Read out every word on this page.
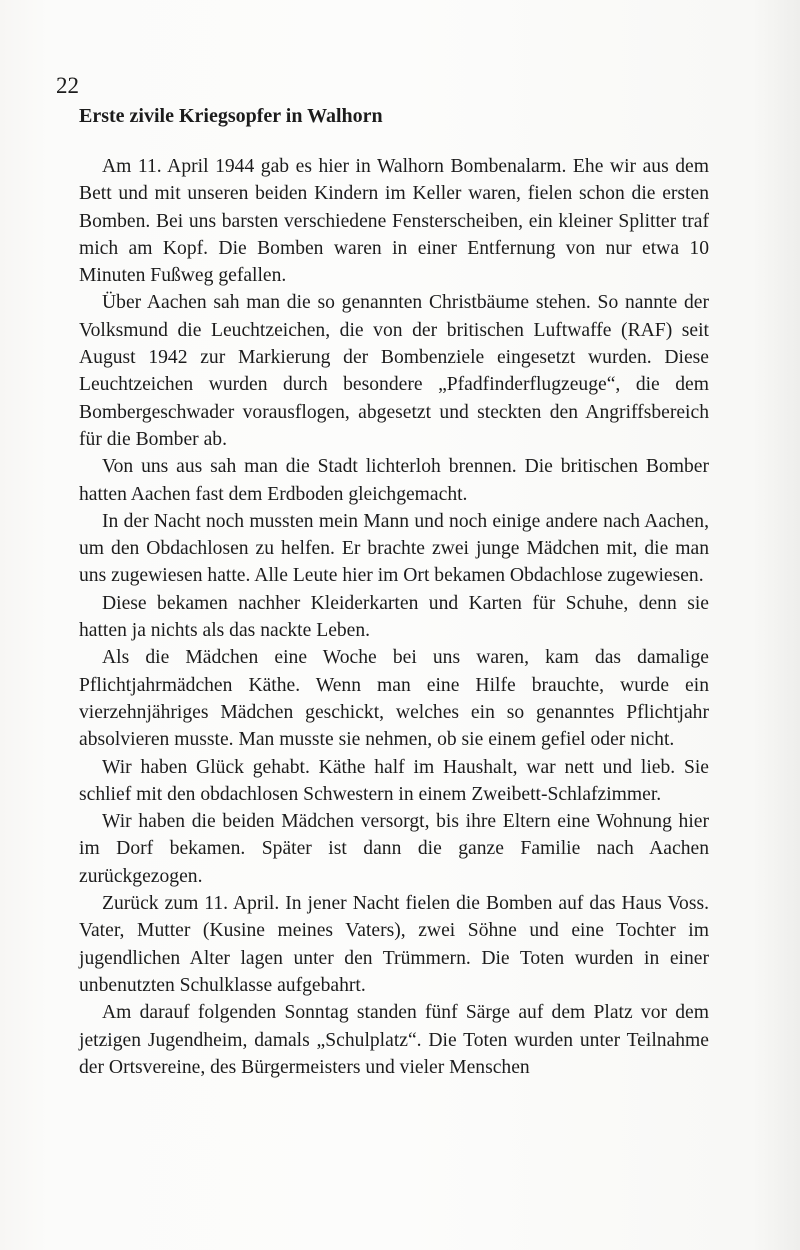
22

Erste zivile Kriegsopfer in Walhorn

Am 11. April 1944 gab es hier in Walhorn Bombenalarm. Ehe wir aus dem Bett und mit unseren beiden Kindern im Keller waren, fielen schon die ersten Bomben. Bei uns barsten verschiedene Fensterscheiben, ein kleiner Splitter traf mich am Kopf. Die Bomben waren in einer Entfernung von nur etwa 10 Minuten Fußweg gefallen.

Über Aachen sah man die so genannten Christbäume stehen. So nannte der Volksmund die Leuchtzeichen, die von der britischen Luftwaffe (RAF) seit August 1942 zur Markierung der Bombenziele eingesetzt wurden. Diese Leuchtzeichen wurden durch besondere „Pfadfinderflugzeuge“, die dem Bombergeschwader vorausflogen, abgesetzt und steckten den Angriffsbereich für die Bomber ab.

Von uns aus sah man die Stadt lichterloh brennen. Die britischen Bomber hatten Aachen fast dem Erdboden gleichgemacht.

In der Nacht noch mussten mein Mann und noch einige andere nach Aachen, um den Obdachlosen zu helfen. Er brachte zwei junge Mädchen mit, die man uns zugewiesen hatte. Alle Leute hier im Ort bekamen Obdachlose zugewiesen.

Diese bekamen nachher Kleiderkarten und Karten für Schuhe, denn sie hatten ja nichts als das nackte Leben.

Als die Mädchen eine Woche bei uns waren, kam das damalige Pflichtjahrmädchen Käthe. Wenn man eine Hilfe brauchte, wurde ein vierzehnjähriges Mädchen geschickt, welches ein so genanntes Pflichtjahr absolvieren musste. Man musste sie nehmen, ob sie einem gefiel oder nicht.

Wir haben Glück gehabt. Käthe half im Haushalt, war nett und lieb. Sie schlief mit den obdachlosen Schwestern in einem Zweibett-Schlafzimmer.

Wir haben die beiden Mädchen versorgt, bis ihre Eltern eine Wohnung hier im Dorf bekamen. Später ist dann die ganze Familie nach Aachen zurückgezogen.

Zurück zum 11. April. In jener Nacht fielen die Bomben auf das Haus Voss. Vater, Mutter (Kusine meines Vaters), zwei Söhne und eine Tochter im jugendlichen Alter lagen unter den Trümmern. Die Toten wurden in einer unbenutzten Schulklasse aufgebahrt.

Am darauf folgenden Sonntag standen fünf Särge auf dem Platz vor dem jetzigen Jugendheim, damals „Schulplatz“. Die Toten wurden unter Teilnahme der Ortsvereine, des Bürgermeisters und vieler Menschen
